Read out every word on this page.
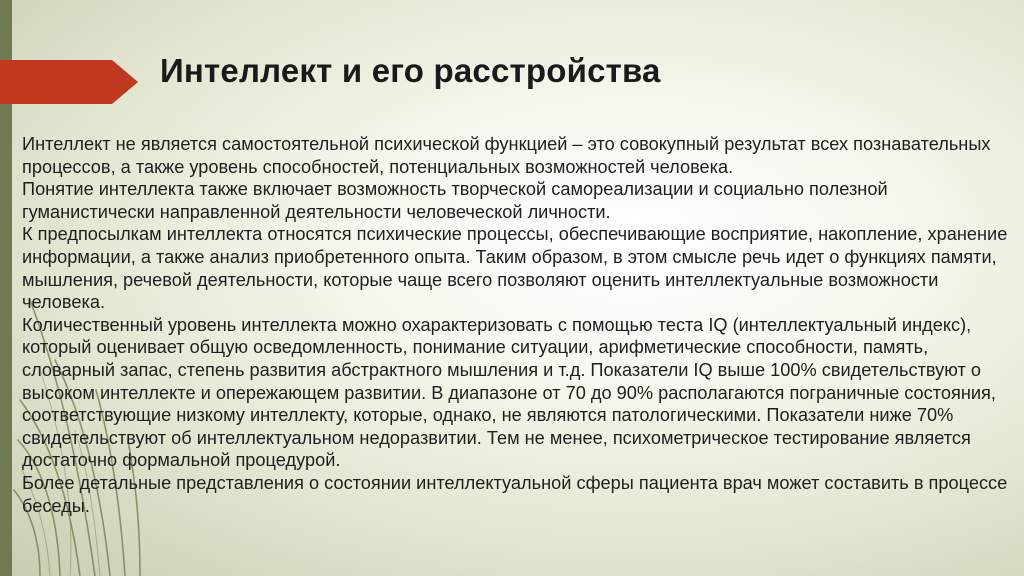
Интеллект и его расстройства

Интеллект не является самостоятельной психической функцией – это совокупный результат всех познавательных процессов, а также уровень способностей, потенциальных возможностей человека.

Понятие интеллекта также включает возможность творческой самореализации и социально полезной гуманистически направленной деятельности человеческой личности.

К предпосылкам интеллекта относятся психические процессы, обеспечивающие восприятие, накопление, хранение информации, а также анализ приобретенного опыта. Таким образом, в этом смысле речь идет о функциях памяти, мышления, речевой деятельности, которые чаще всего позволяют оценить интеллектуальные возможности человека.

Количественный уровень интеллекта можно охарактеризовать с помощью теста IQ (интеллектуальный индекс), который оценивает общую осведомленность, понимание ситуации, арифметические способности, память, словарный запас, степень развития абстрактного мышления и т.д. Показатели IQ выше 100% свидетельствуют о высоком интеллекте и опережающем развитии. В диапазоне от 70 до 90% располагаются пограничные состояния, соответствующие низкому интеллекту, которые, однако, не являются патологическими. Показатели ниже 70% свидетельствуют об интеллектуальном недоразвитии. Тем не менее, психометрическое тестирование является достаточно формальной процедурой.

Более детальные представления о состоянии интеллектуальной сферы пациента врач может составить в процессе беседы.
